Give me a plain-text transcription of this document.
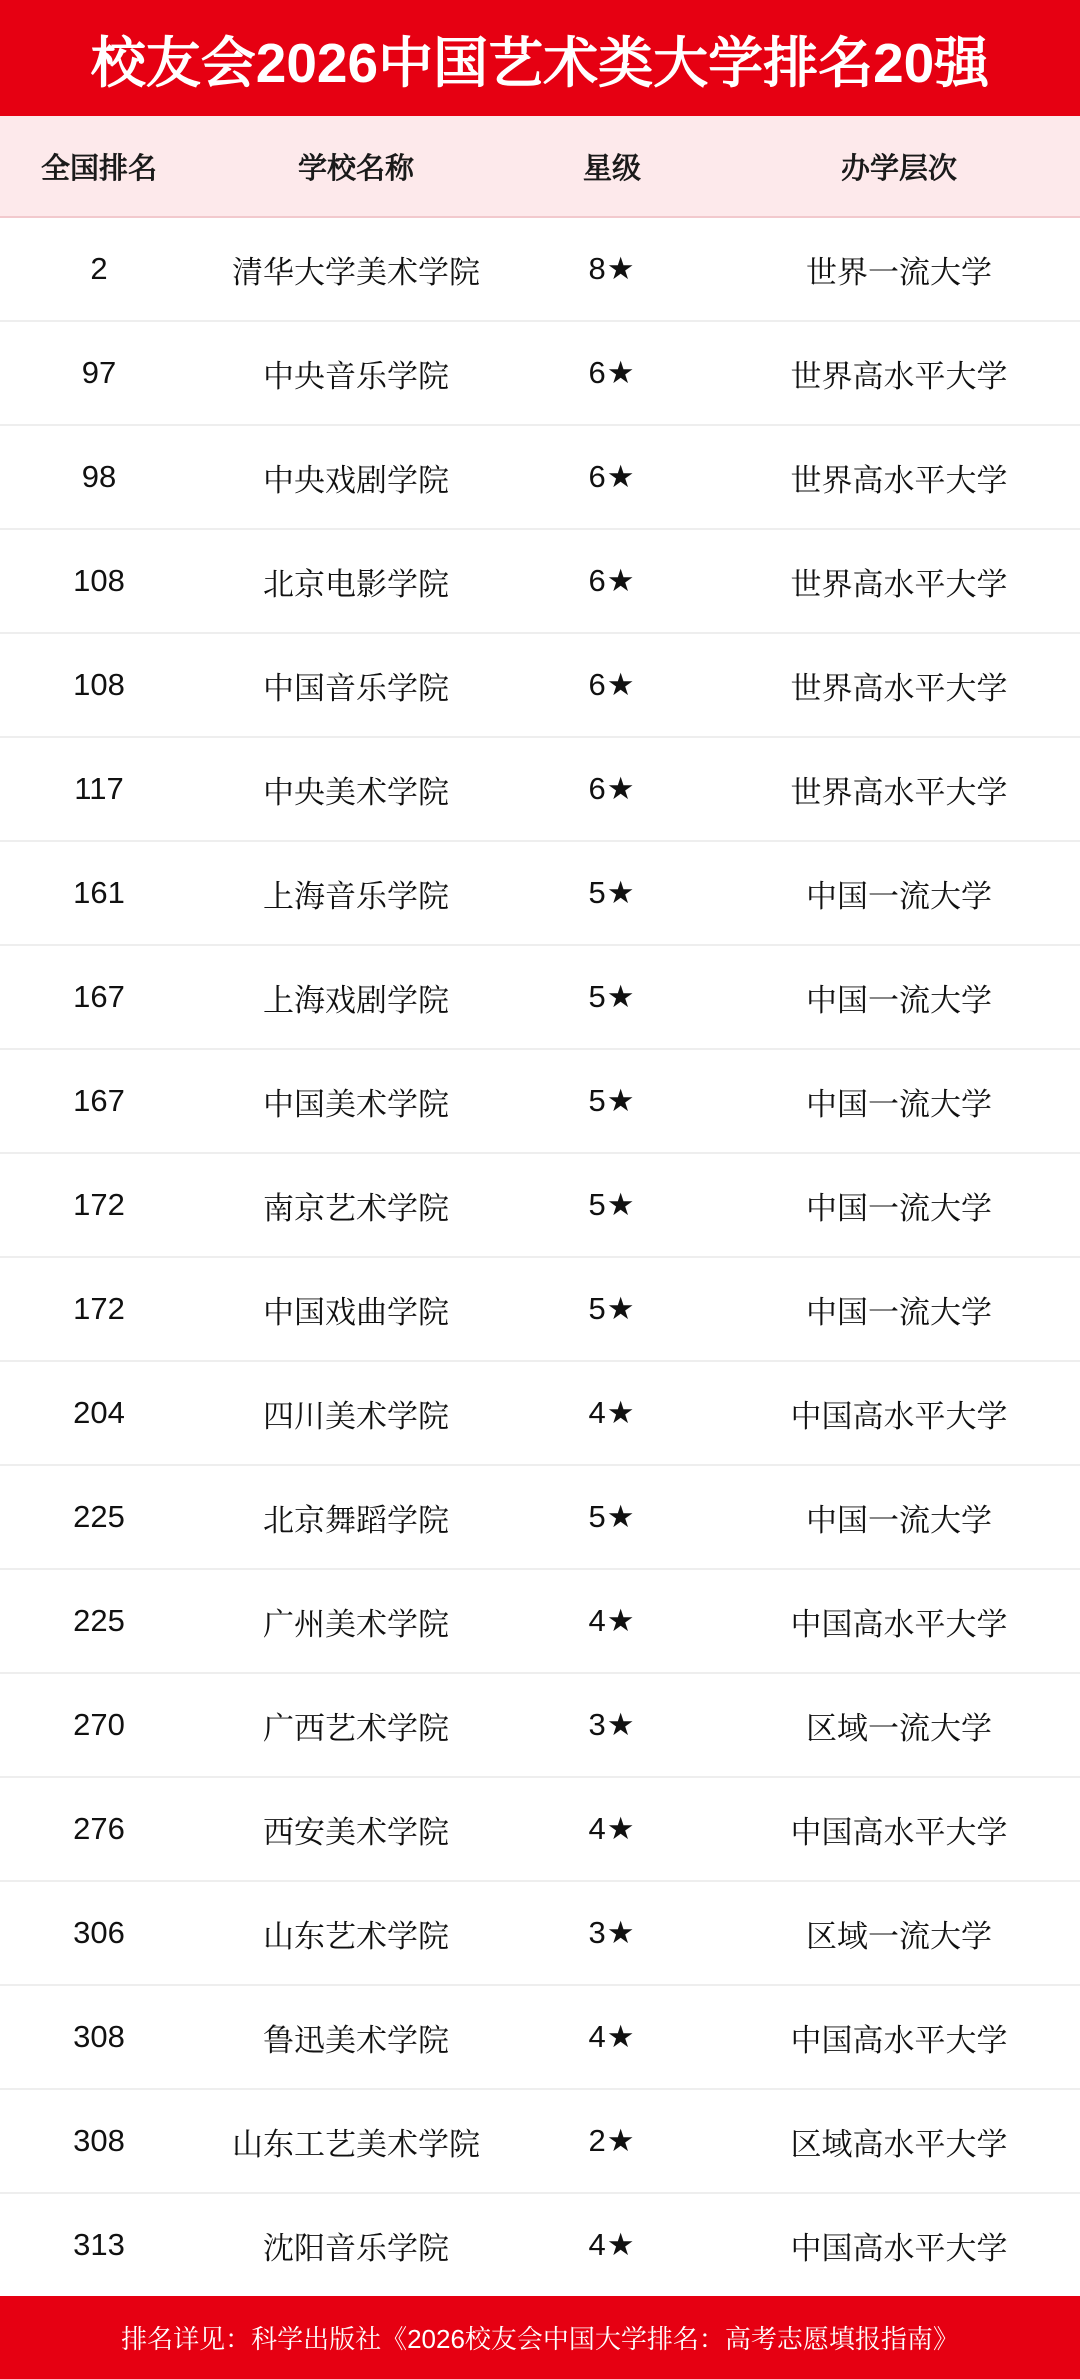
校友会2026中国艺术类大学排名20强
全国排名	学校名称	星级	办学层次
2	清华大学美术学院	8★	世界一流大学
97	中央音乐学院	6★	世界高水平大学
98	中央戏剧学院	6★	世界高水平大学
108	北京电影学院	6★	世界高水平大学
108	中国音乐学院	6★	世界高水平大学
117	中央美术学院	6★	世界高水平大学
161	上海音乐学院	5★	中国一流大学
167	上海戏剧学院	5★	中国一流大学
167	中国美术学院	5★	中国一流大学
172	南京艺术学院	5★	中国一流大学
172	中国戏曲学院	5★	中国一流大学
204	四川美术学院	4★	中国高水平大学
225	北京舞蹈学院	5★	中国一流大学
225	广州美术学院	4★	中国高水平大学
270	广西艺术学院	3★	区域一流大学
276	西安美术学院	4★	中国高水平大学
306	山东艺术学院	3★	区域一流大学
308	鲁迅美术学院	4★	中国高水平大学
308	山东工艺美术学院	2★	区域高水平大学
313	沈阳音乐学院	4★	中国高水平大学
排名详见：科学出版社《2026校友会中国大学排名：高考志愿填报指南》
